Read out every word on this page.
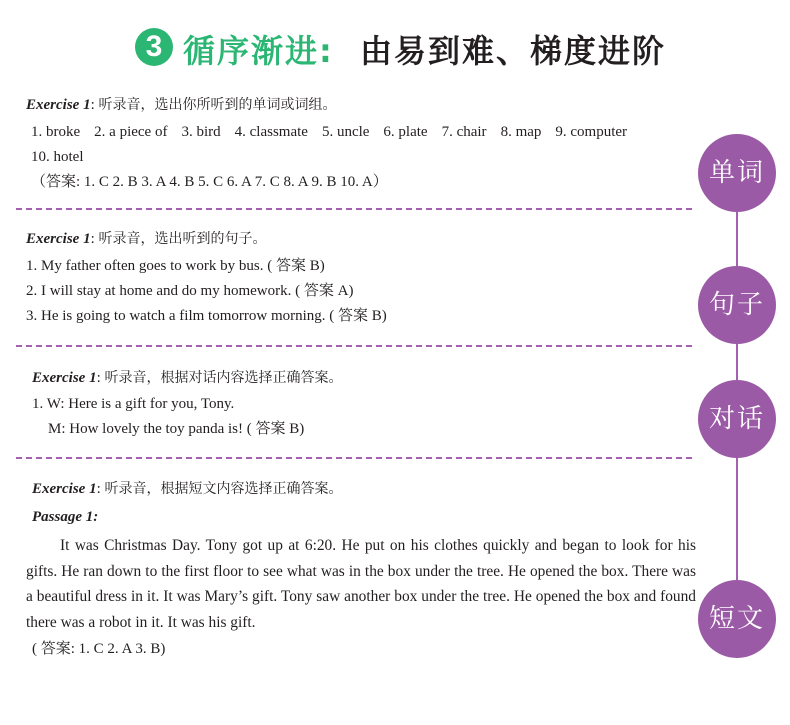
3 循序渐进: 由易到难、梯度进阶
Exercise 1: 听录音，选出你所听到的单词或词组。
1. broke 2. a piece of 3. bird 4. classmate 5. uncle 6. plate 7. chair 8. map 9. computer
10. hotel
（答案: 1. C 2. B 3. A 4. B 5. C 6. A 7. C 8. A 9. B 10. A）
Exercise 1: 听录音，选出听到的句子。
1. My father often goes to work by bus. ( 答案 B)
2. I will stay at home and do my homework. ( 答案 A)
3. He is going to watch a film tomorrow morning. ( 答案 B)
Exercise 1: 听录音，根据对话内容选择正确答案。
1. W: Here is a gift for you, Tony.
M: How lovely the toy panda is! ( 答案 B)
Exercise 1: 听录音，根据短文内容选择正确答案。
Passage 1:
It was Christmas Day. Tony got up at 6:20. He put on his clothes quickly and began to look for his gifts. He ran down to the first floor to see what was in the box under the tree. He opened the box. There was a beautiful dress in it. It was Mary’s gift. Tony saw another box under the tree. He opened the box and found there was a robot in it. It was his gift.
( 答案: 1. C 2. A 3. B)
单词
句子
对话
短文
